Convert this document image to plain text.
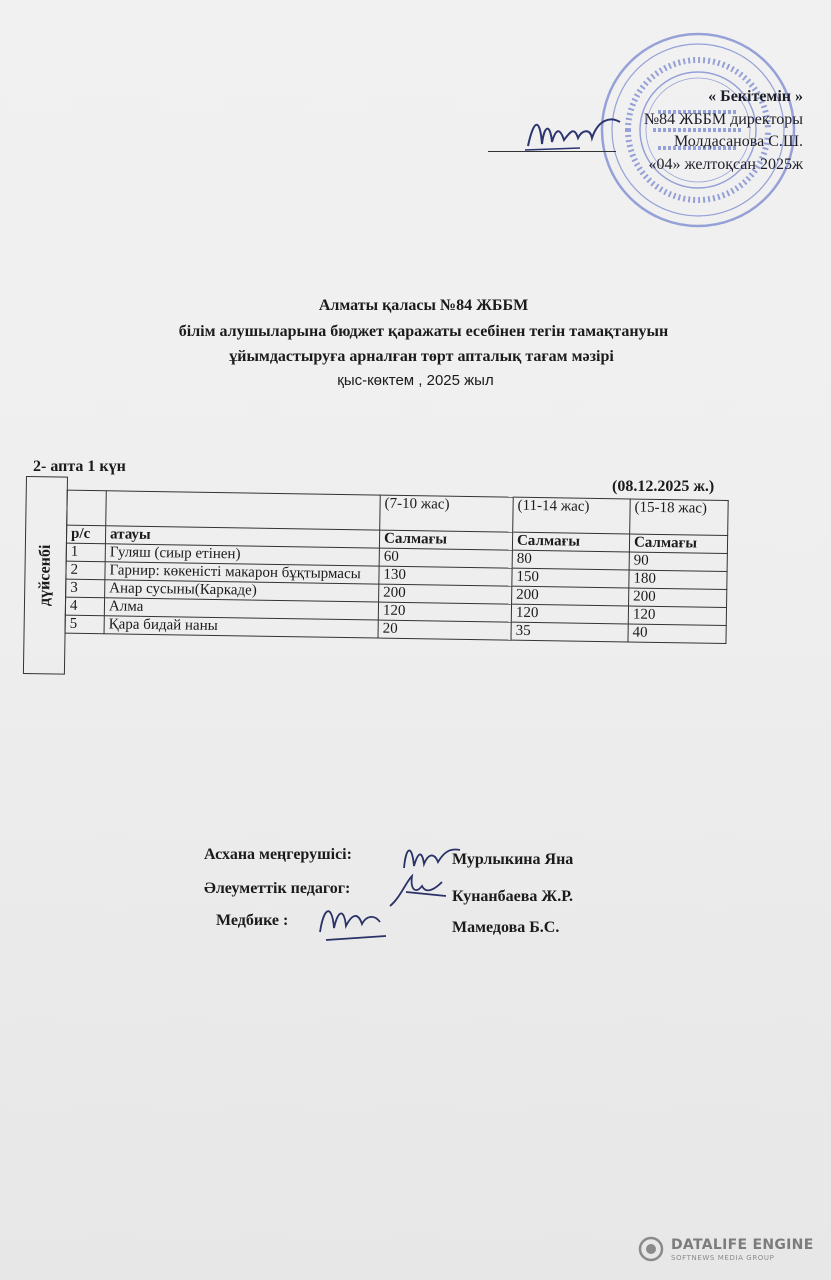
« Бекітемін »
№84 ЖББМ директоры
Молдасанова С.Ш.
«04» желтоқсан 2025ж
Алматы қаласы №84 ЖББМ
білім алушыларына бюджет қаражаты есебінен тегін тамақтануын
ұйымдастыруға арналған төрт апталық тағам мәзірі
қыс-көктем , 2025 жыл
2- апта 1 күн
(08.12.2025 ж.)
дүйсенбі
		(7-10 жас)	(11-14 жас)	(15-18 жас)
р/с	атауы	Салмағы	Салмағы	Салмағы
1	Гуляш (сиыр етінен)	60	80	90
2	Гарнир: көкеністі макарон бұқтырмасы	130	150	180
3	Анар сусыны(Каркаде)	200	200	200
4	Алма	120	120	120
5	Қара бидай наны	20	35	40
Асхана меңгерушісі:	Мурлыкина Яна
Әлеуметтік педагог:	Кунанбаева Ж.Р.
Медбике :	Мамедова Б.С.
DATALIFE ENGINE
SOFTNEWS MEDIA GROUP
